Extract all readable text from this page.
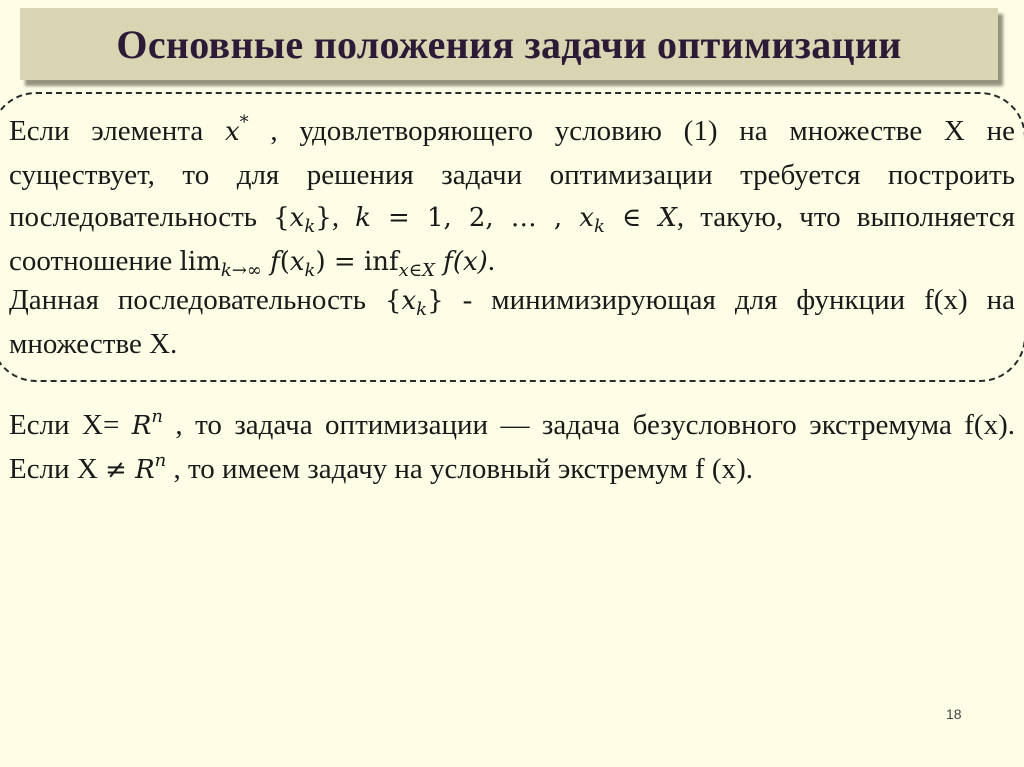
Основные положения задачи оптимизации

Если элемента x* , удовлетворяющего условию (1) на множестве X не существует, то для решения задачи оптимизации требуется построить последовательность $\{x_k\}$, k = 1, 2, … , $x_k$ ∈ X, такую, что выполняется соотношение $\lim_{k\to\infty} f(x_k) = inf_{x\in X}$ f(x).

Данная последовательность $\{x_k\}$ - минимизирующая для функции f(x) на множестве X.

Если $X= R^n$ , то задача оптимизации — задача безусловного экстремума f(x). Если $X \ne R^n$ , то имеем задачу на условный экстремум f (x).

18
